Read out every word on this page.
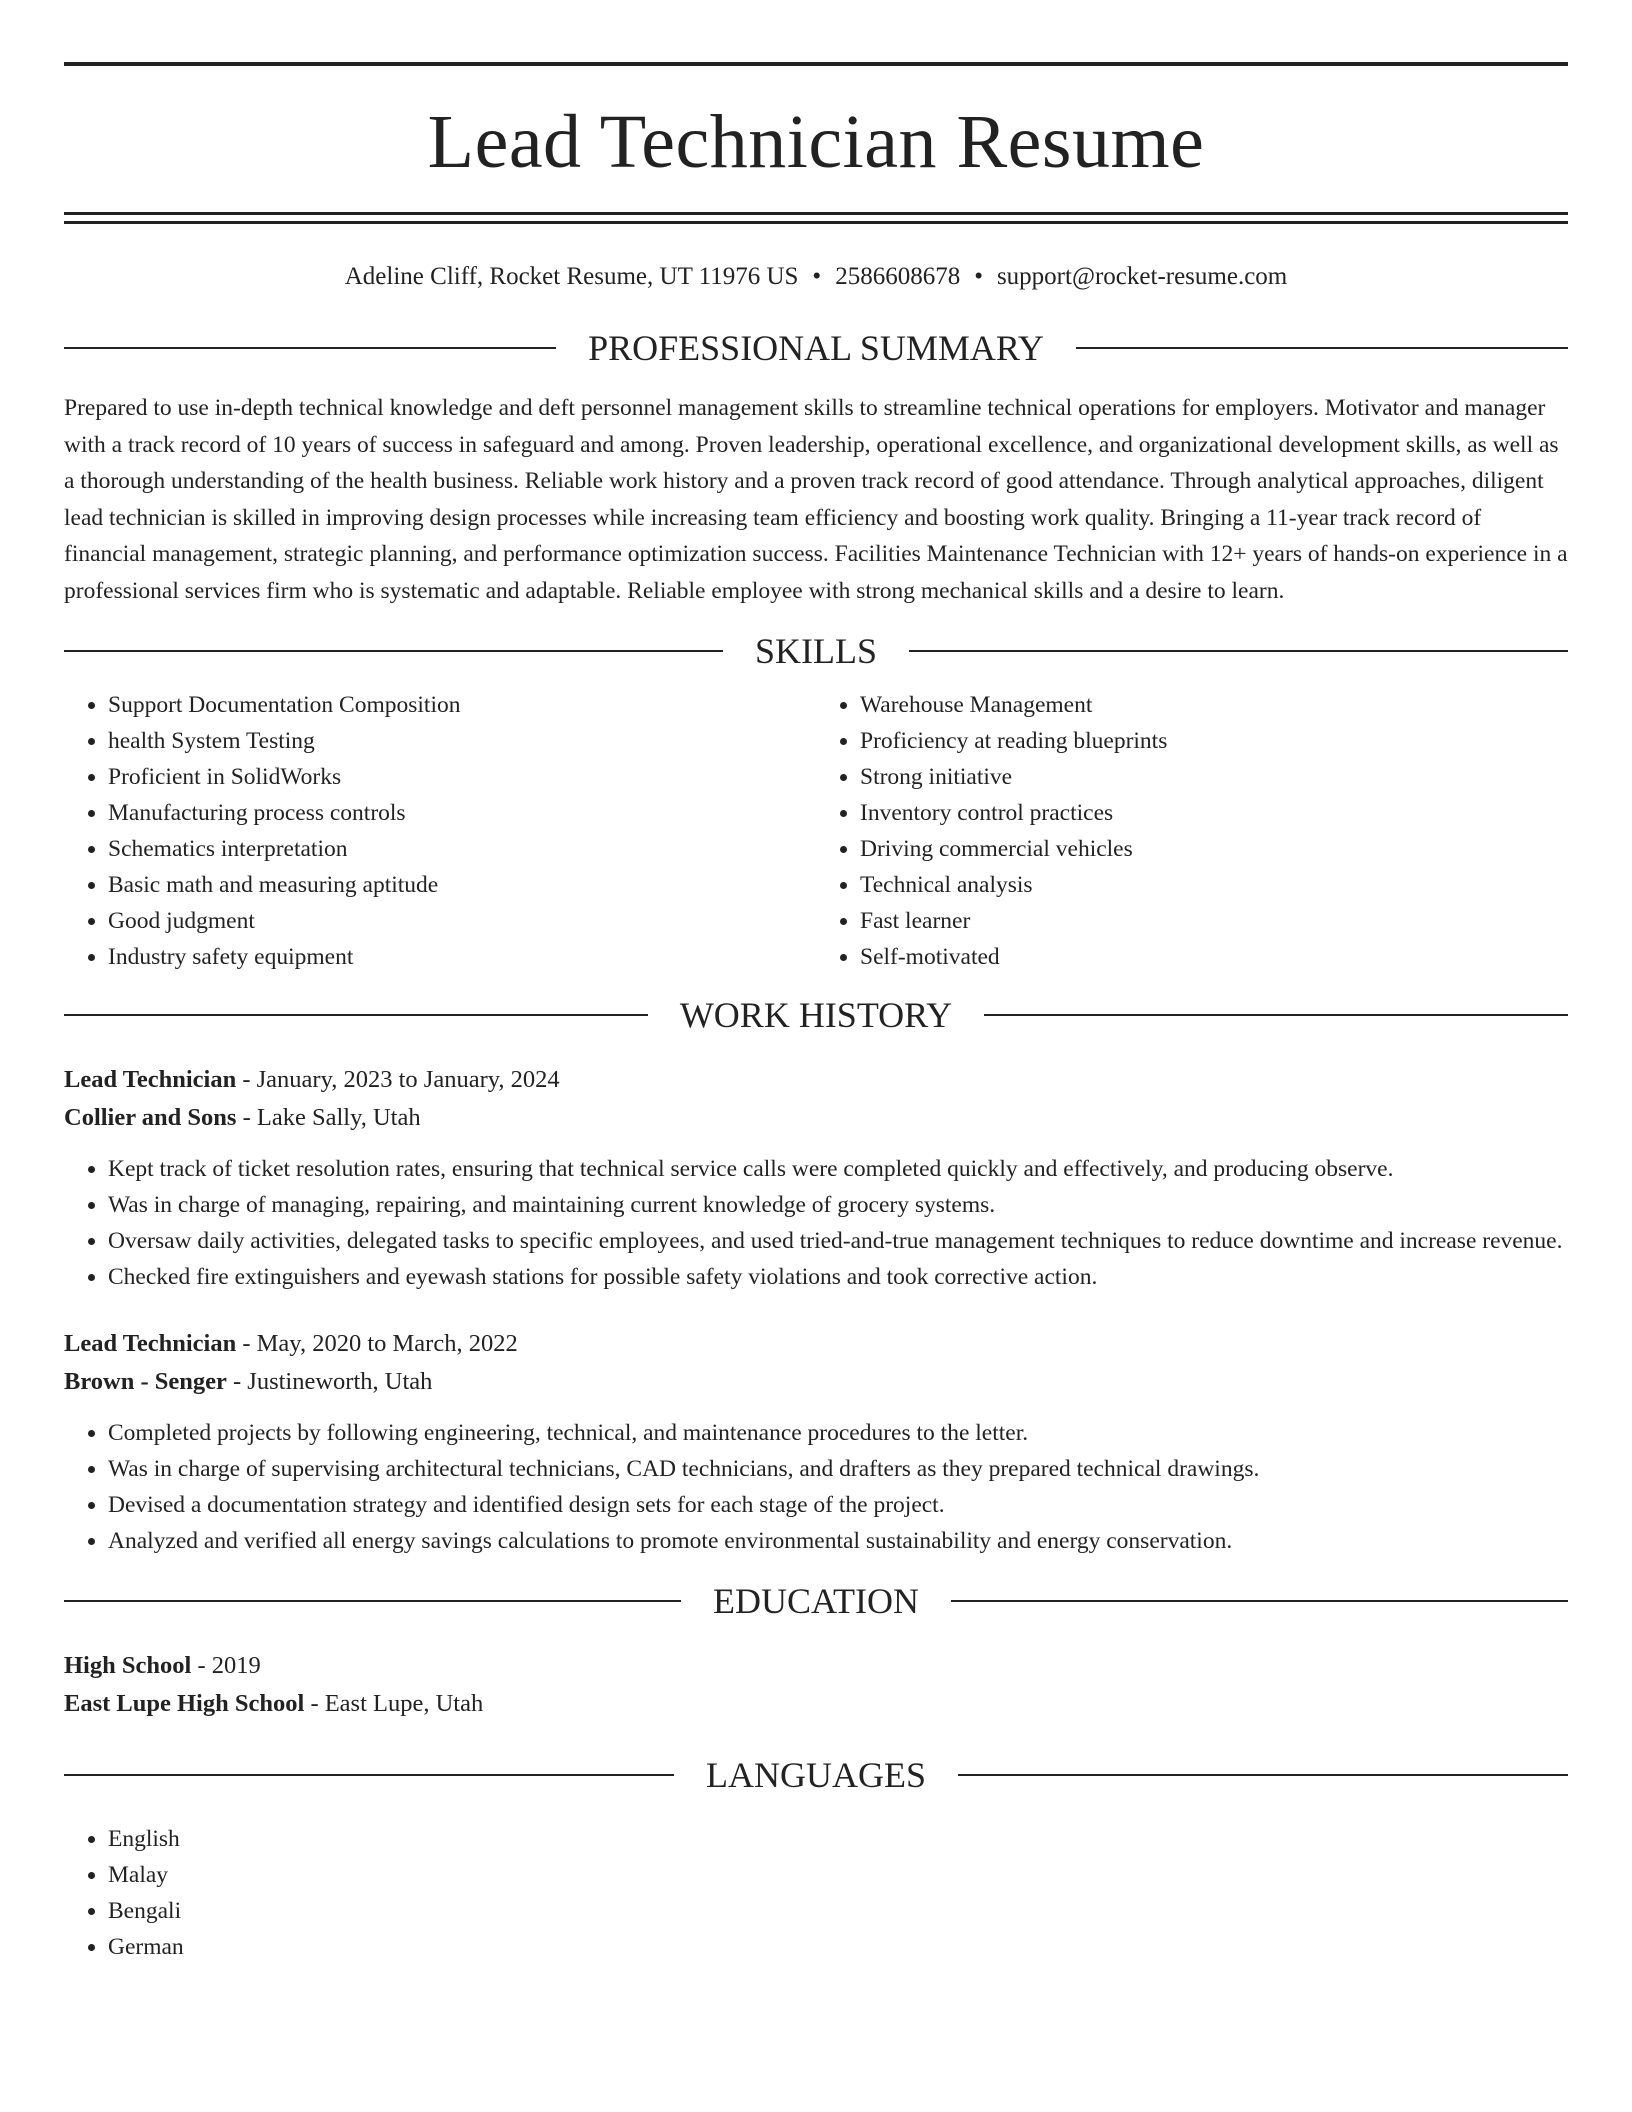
Lead Technician Resume
Adeline Cliff, Rocket Resume, UT 11976 US • 2586608678 • support@rocket-resume.com
PROFESSIONAL SUMMARY

Prepared to use in-depth technical knowledge and deft personnel management skills to streamline technical operations for employers. Motivator and manager with a track record of 10 years of success in safeguard and among. Proven leadership, operational excellence, and organizational development skills, as well as a thorough understanding of the health business. Reliable work history and a proven track record of good attendance. Through analytical approaches, diligent lead technician is skilled in improving design processes while increasing team efficiency and boosting work quality. Bringing a 11-year track record of financial management, strategic planning, and performance optimization success. Facilities Maintenance Technician with 12+ years of hands-on experience in a professional services firm who is systematic and adaptable. Reliable employee with strong mechanical skills and a desire to learn.

SKILLS
• Support Documentation Composition
• health System Testing
• Proficient in SolidWorks
• Manufacturing process controls
• Schematics interpretation
• Basic math and measuring aptitude
• Good judgment
• Industry safety equipment
• Warehouse Management
• Proficiency at reading blueprints
• Strong initiative
• Inventory control practices
• Driving commercial vehicles
• Technical analysis
• Fast learner
• Self-motivated
WORK HISTORY
Lead Technician - January, 2023 to January, 2024
Collier and Sons - Lake Sally, Utah
• Kept track of ticket resolution rates, ensuring that technical service calls were completed quickly and effectively, and producing observe.
• Was in charge of managing, repairing, and maintaining current knowledge of grocery systems.
• Oversaw daily activities, delegated tasks to specific employees, and used tried-and-true management techniques to reduce downtime and increase revenue.
• Checked fire extinguishers and eyewash stations for possible safety violations and took corrective action.
Lead Technician - May, 2020 to March, 2022
Brown - Senger - Justineworth, Utah
• Completed projects by following engineering, technical, and maintenance procedures to the letter.
• Was in charge of supervising architectural technicians, CAD technicians, and drafters as they prepared technical drawings.
• Devised a documentation strategy and identified design sets for each stage of the project.
• Analyzed and verified all energy savings calculations to promote environmental sustainability and energy conservation.
EDUCATION
High School - 2019
East Lupe High School - East Lupe, Utah
LANGUAGES
• English
• Malay
• Bengali
• German
